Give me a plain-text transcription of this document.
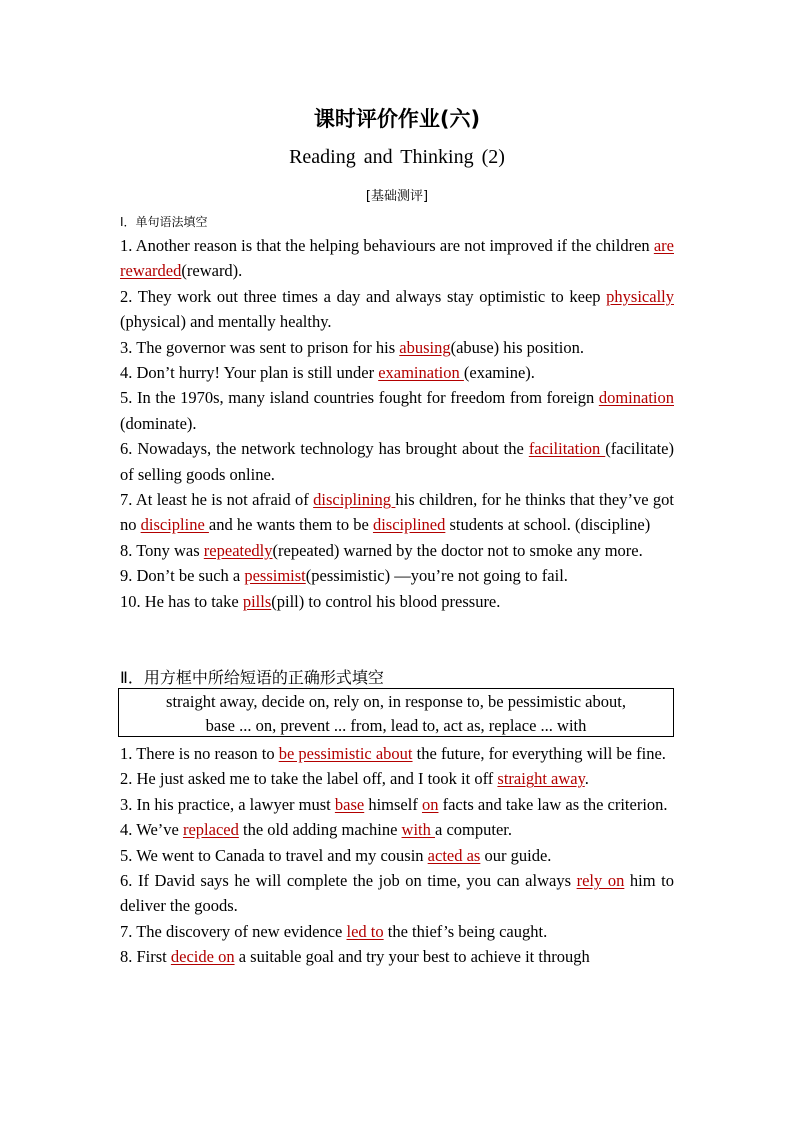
课时评价作业(六)
Reading and Thinking (2)
[基础测评]
Ⅰ．单句语法填空
1. Another reason is that the helping behaviours are not improved if the children are rewarded(reward).
2. They work out three times a day and always stay optimistic to keep physically (physical) and mentally healthy.
3. The governor was sent to prison for his abusing(abuse) his position.
4. Don’t hurry! Your plan is still under examination (examine).
5. In the 1970s, many island countries fought for freedom from foreign domination (dominate).
6. Nowadays, the network technology has brought about the facilitation (facilitate) of selling goods online.
7. At least he is not afraid of disciplining his children, for he thinks that they’ve got no discipline and he wants them to be disciplined students at school. (discipline)
8. Tony was repeatedly(repeated) warned by the doctor not to smoke any more.
9. Don’t be such a pessimist(pessimistic) —you’re not going to fail.
10. He has to take pills(pill) to control his blood pressure.
Ⅱ．用方框中所给短语的正确形式填空
straight away, decide on, rely on, in response to, be pessimistic about,
base ... on, prevent ... from, lead to, act as, replace ... with
1. There is no reason to be pessimistic about the future, for everything will be fine.
2. He just asked me to take the label off, and I took it off straight away.
3. In his practice, a lawyer must base himself on facts and take law as the criterion.
4. We’ve replaced the old adding machine with a computer.
5. We went to Canada to travel and my cousin acted as our guide.
6. If David says he will complete the job on time, you can always rely on him to deliver the goods.
7. The discovery of new evidence led to the thief’s being caught.
8. First decide on a suitable goal and try your best to achieve it through
